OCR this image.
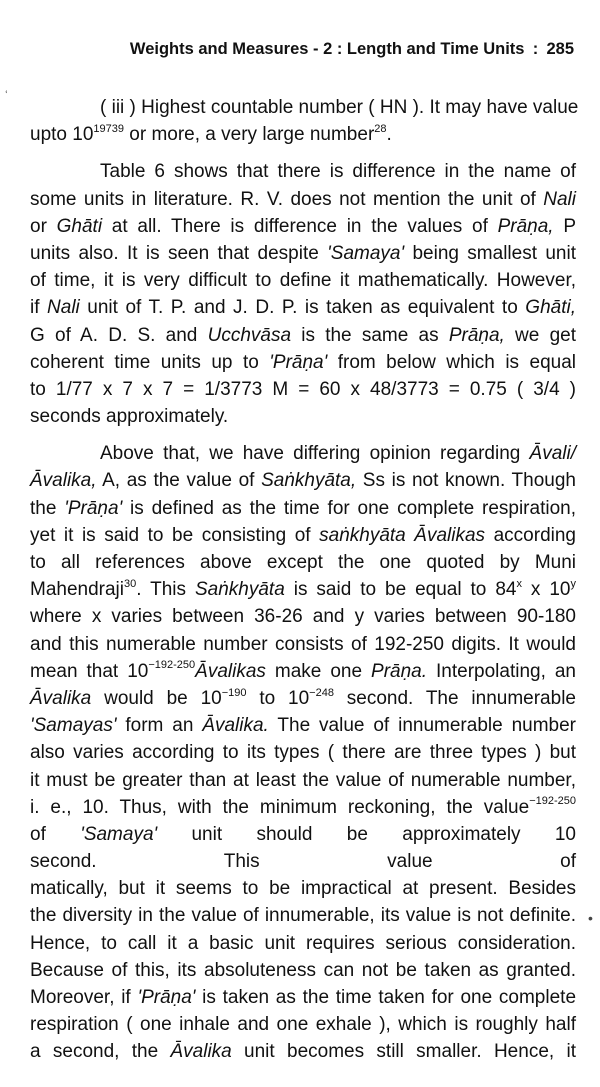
Weights and Measures - 2 : Length and Time Units : 285
ʿ
•
( iii ) Highest countable number ( HN ). It may have value
upto $10^{19739}$ or more, a very large number$^{28}$.
Table 6 shows that there is difference in the name of
some units in literature. R. V. does not mention the unit of Nali
or Ghāti at all. There is difference in the values of Prāṇa, P
units also. It is seen that despite 'Samaya' being smallest unit
of time, it is very difficult to define it mathematically. However,
if Nali unit of T. P. and J. D. P. is taken as equivalent to Ghāti,
G of A. D. S. and Ucchvāsa is the same as Prāṇa, we get
coherent time units up to 'Prāṇa' from below which is equal
to 1/77 x 7 x 7 = 1/3773 M = 60 x 48/3773 = 0.75 ( 3/4 )
seconds approximately.
Above that, we have differing opinion regarding Āvali/
Āvalika, A, as the value of Saṅkhyāta, Ss is not known. Though
the 'Prāṇa' is defined as the time for one complete respiration,
yet it is said to be consisting of saṅkhyāta Āvalikas according
to all references above except the one quoted by Muni
Mahendraji$^{30}$. This Saṅkhyāta is said to be equal to 84$^x$ x 10$^y$
where x varies between 36-26 and y varies between 90-180
and this numerable number consists of 192-250 digits. It would
mean that $10^{-192-250}Āvalikas$ make one Prāṇa. Interpolating, an
Āvalika would be $10^{-190}$ to $10^{-248}$ second. The innumerable
'Samayas' form an Āvalika. The value of innumerable number
also varies according to its types ( there are three types ) but
it must be greater than at least the value of numerable number,
i. e., 10. Thus, with the minimum reckoning, the value$^{-192-250}$
of 'Samaya' unit should be approximately 10
second. This value of
matically, but it seems to be impractical at present. Besides
the diversity in the value of innumerable, its value is not definite.
Hence, to call it a basic unit requires serious consideration.
Because of this, its absoluteness can not be taken as granted.
Moreover, if 'Prāṇa' is taken as the time taken for one complete
respiration ( one inhale and one exhale ), which is roughly half
a second, the Āvalika unit becomes still smaller. Hence, it
